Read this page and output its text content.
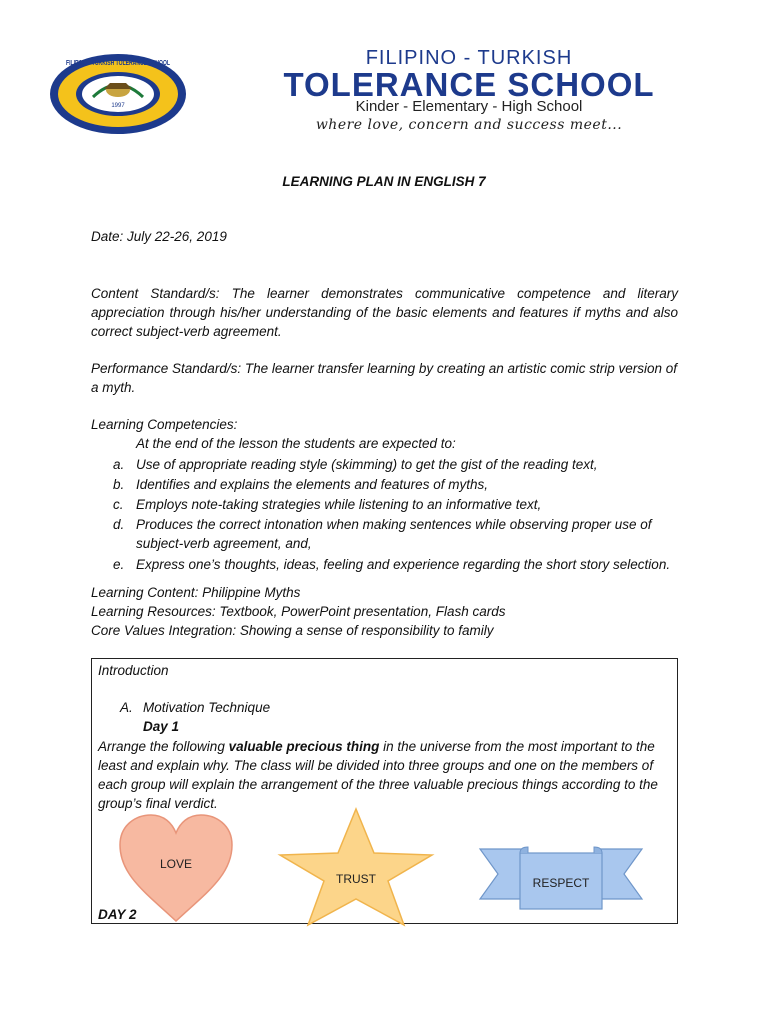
1997
FILIPINO - TURKISH TOLERANCE SCHOOL	FILIPINO - TURKISH
TOLERANCE SCHOOL
Kinder - Elementary - High School
where love, concern and success meet...
LEARNING PLAN IN ENGLISH 7
Date: July 22-26, 2019
Content Standard/s: The learner demonstrates communicative competence and literary appreciation through his/her understanding of the basic elements and features if myths and also correct subject-verb agreement.
Performance Standard/s: The learner transfer learning by creating an artistic comic strip version of a myth.
Learning Competencies:
At the end of the lesson the students are expected to:
a. Use of appropriate reading style (skimming) to get the gist of the reading text,
b. Identifies and explains the elements and features of myths,
c. Employs note-taking strategies while listening to an informative text,
d. Produces the correct intonation when making sentences while observing proper use of subject-verb agreement, and,
e. Express one’s thoughts, ideas, feeling and experience regarding the short story selection.
Learning Content: Philippine Myths
Learning Resources: Textbook, PowerPoint presentation, Flash cards
Core Values Integration: Showing a sense of responsibility to family
Introduction
A. Motivation Technique
Day 1
Arrange the following valuable precious thing in the universe from the most important to the least and explain why. The class will be divided into three groups and one on the members of each group will explain the arrangement of the three valuable precious things according to the group’s final verdict.
LOVE
TRUST	RESPECT
DAY 2
